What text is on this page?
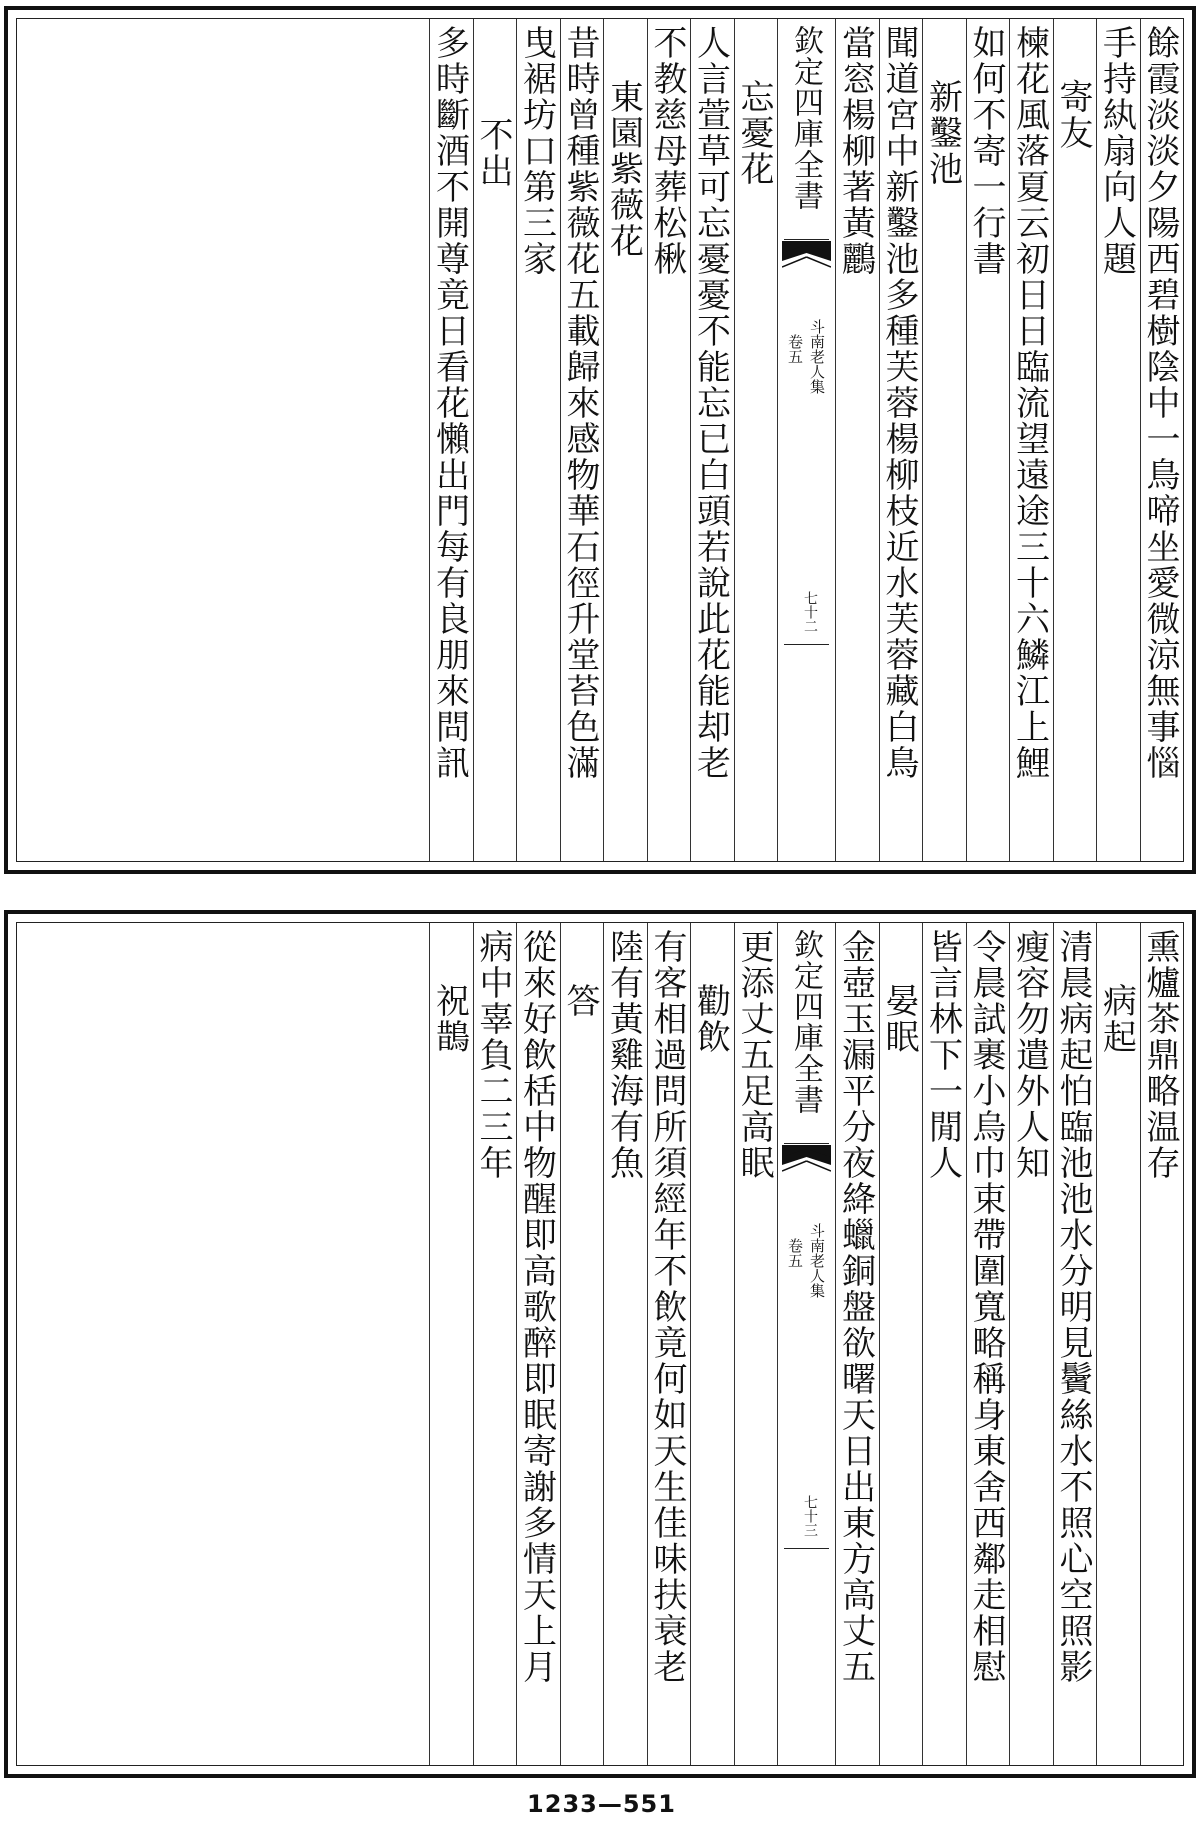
餘霞淡淡夕陽西碧樹陰中一鳥啼坐愛微涼無事惱
手持紈扇向人題
寄友
楝花風落夏云初日日臨流望遠途三十六鱗江上鯉
如何不寄一行書
新鑿池
聞道宮中新鑿池多種芙蓉楊柳枝近水芙蓉藏白鳥
當窓楊柳著黃鸝
欽定四庫全書
斗南老人集
卷五
七十二
忘憂花
人言萱草可忘憂憂不能忘已白頭若說此花能却老
不教慈母葬松楸
東園紫薇花
昔時曾種紫薇花五載歸來感物華石徑升堂苔色滿
曳裾坊口第三家
不出
多時斷酒不開尊竟日看花懶出門每有良朋來問訊
熏爐茶鼎略温存
病起
清晨病起怕臨池池水分明見鬢絲水不照心空照影
瘦容勿遣外人知
令晨試裹小烏巾束帶圍寬略稱身東舍西鄰走相慰
皆言林下一閒人
晏眠
金壺玉漏平分夜絳蠟銅盤欲曙天日出東方高丈五
欽定四庫全書
斗南老人集
卷五
七十三
更添丈五足高眠
勸飲
有客相過問所須經年不飲竟何如天生佳味扶衰老
陸有黃雞海有魚
答
從來好飲栝中物醒即高歌醉即眠寄謝多情天上月
病中辜負二三年
祝鵲
1233—551
